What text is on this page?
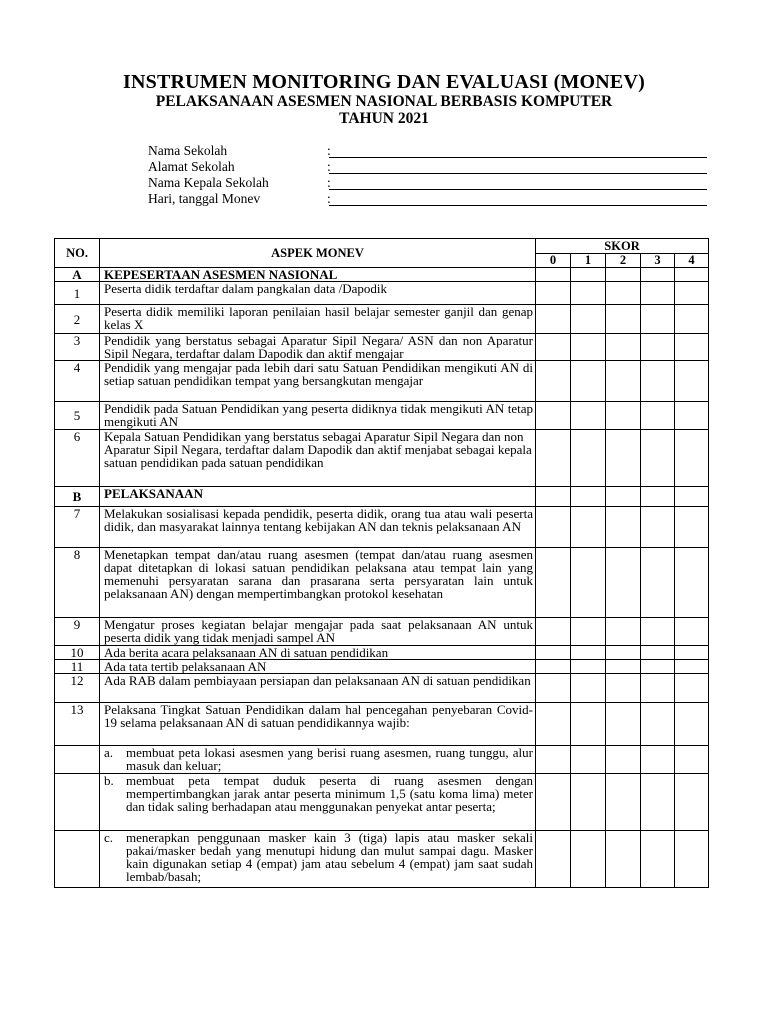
INSTRUMEN MONITORING DAN EVALUASI (MONEV)
PELAKSANAAN ASESMEN NASIONAL BERBASIS KOMPUTER
TAHUN 2021
Nama Sekolah	:
Alamat Sekolah	:
Nama Kepala Sekolah	:
Hari, tanggal Monev	:
NO.	ASPEK MONEV	SKOR				
		0	1	2	3	4
A	KEPESERTAAN ASESMEN NASIONAL					
1	Peserta didik terdaftar dalam pangkalan data /Dapodik					
2	Peserta didik memiliki laporan penilaian hasil belajar semester ganjil dan genap kelas X					
3	Pendidik yang berstatus sebagai Aparatur Sipil Negara/ ASN dan non Aparatur Sipil Negara, terdaftar dalam Dapodik dan aktif mengajar					
4	Pendidik yang mengajar pada lebih dari satu Satuan Pendidikan mengikuti AN di setiap satuan pendidikan tempat yang bersangkutan mengajar					
5	Pendidik pada Satuan Pendidikan yang peserta didiknya tidak mengikuti AN tetap mengikuti AN					
6	Kepala Satuan Pendidikan yang berstatus sebagai Aparatur Sipil Negara dan non Aparatur Sipil Negara, terdaftar dalam Dapodik dan aktif menjabat sebagai kepala satuan pendidikan pada satuan pendidikan					
B	PELAKSANAAN					
7	Melakukan sosialisasi kepada pendidik, peserta didik, orang tua atau wali peserta didik, dan masyarakat lainnya tentang kebijakan AN dan teknis pelaksanaan AN					
8	Menetapkan tempat dan/atau ruang asesmen (tempat dan/atau ruang asesmen dapat ditetapkan di lokasi satuan pendidikan pelaksana atau tempat lain yang memenuhi persyaratan sarana dan prasarana serta persyaratan lain untuk pelaksanaan AN) dengan mempertimbangkan protokol kesehatan					
9	Mengatur proses kegiatan belajar mengajar pada saat pelaksanaan AN untuk peserta didik yang tidak menjadi sampel AN					
10	Ada berita acara pelaksanaan AN di satuan pendidikan					
11	Ada tata tertib pelaksanaan AN					
12	Ada RAB dalam pembiayaan persiapan dan pelaksanaan AN di satuan pendidikan					
13	Pelaksana Tingkat Satuan Pendidikan dalam hal pencegahan penyebaran Covid-19 selama pelaksanaan AN di satuan pendidikannya wajib:					

	a. membuat peta lokasi asesmen yang berisi ruang asesmen, ruang tunggu, alur masuk dan keluar;					

	b. membuat peta tempat duduk peserta di ruang asesmen dengan mempertimbangkan jarak antar peserta minimum 1,5 (satu koma lima) meter dan tidak saling berhadapan atau menggunakan penyekat antar peserta;					

	c. menerapkan penggunaan masker kain 3 (tiga) lapis atau masker sekali pakai/masker bedah yang menutupi hidung dan mulut sampai dagu. Masker kain digunakan setiap 4 (empat) jam atau sebelum 4 (empat) jam saat sudah lembab/basah;					
